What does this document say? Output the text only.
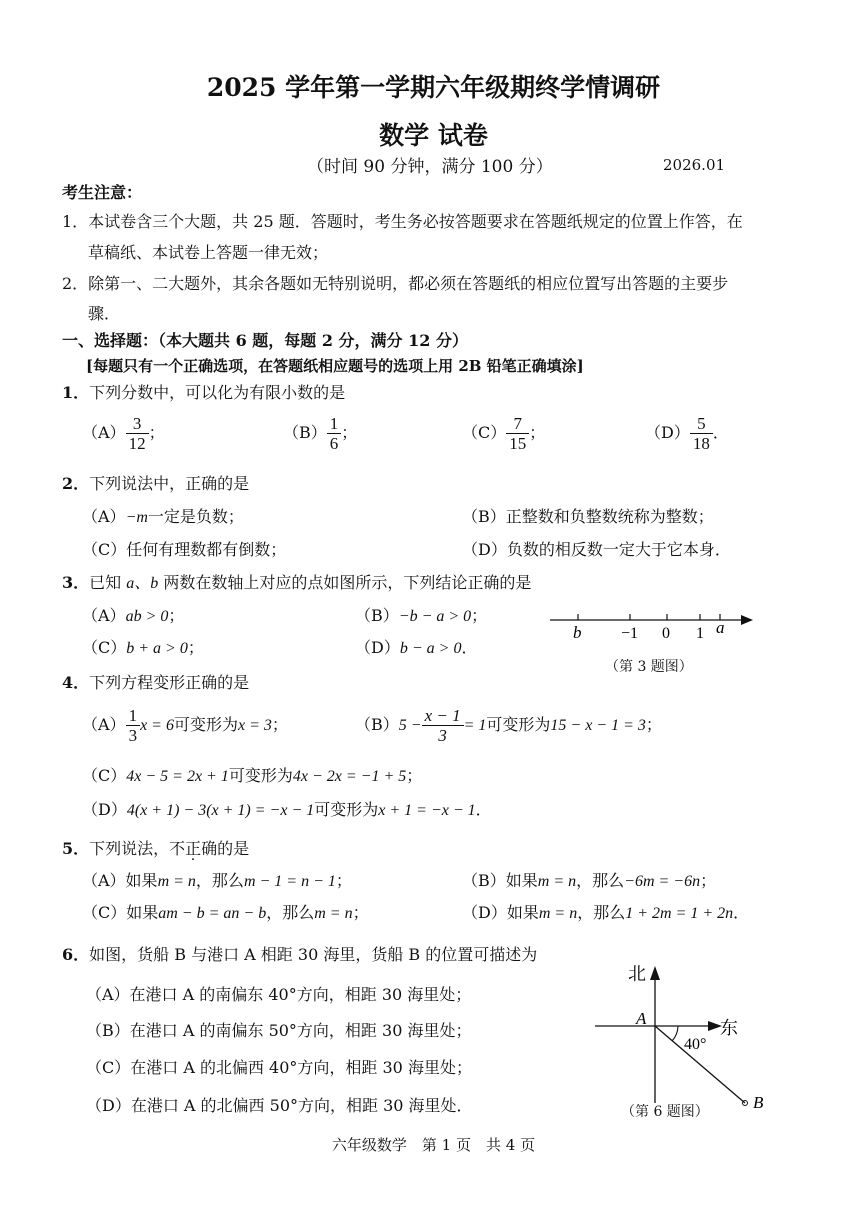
2025 学年第一学期六年级期终学情调研
数学 试卷
（时间 90 分钟，满分 100 分）	2026.01
考生注意：
1．本试卷含三个大题，共 25 题．答题时，考生务必按答题要求在答题纸规定的位置上作答，在
草稿纸、本试卷上答题一律无效；
2．除第一、二大题外，其余各题如无特别说明，都必须在答题纸的相应位置写出答题的主要步
骤．
一、选择题：（本大题共 6 题，每题 2 分，满分 12 分）
[每题只有一个正确选项，在答题纸相应题号的选项上用 2B 铅笔正确填涂]
1．下列分数中，可以化为有限小数的是
$(A) \frac{3}{12}$ ；	$(B) \frac{1}{6}$ ；	$(C) \frac{7}{15}$ ；	$(D) \frac{5}{18}$ ．
2．下列说法中，正确的是
（A）−m一定是负数；	（B）正整数和负整数统称为整数；
（C）任何有理数都有倒数；	（D）负数的相反数一定大于它本身．
3．已知 a、b 两数在数轴上对应的点如图所示，下列结论正确的是
（A）ab > 0；	（B）−b − a > 0；
（C）b + a > 0；	（D）b − a > 0．
b −1 0 1 a
（第 3 题图）
4．下列方程变形正确的是
$(A) \frac{1}{3}$ x = 6可变形为x = 3；	$(B)5 - \frac{x - 1}{3} = 1$可变形为15 − x − 1 = 3；
（C）4x − 5 = 2x + 1可变形为4x − 2x = −1 + 5；
（D）4(x + 1) − 3(x + 1) = −x − 1可变形为x + 1 = −x − 1．
5．下列说法，不正确的是
（A）如果m = n，那么m − 1 = n − 1；	（B）如果m = n，那么−6m = −6n；
（C）如果am − b = an − b，那么m = n；	（D）如果m = n，那么1 + 2m = 1 + 2n．
6．如图，货船 B 与港口 A 相距 30 海里，货船 B 的位置可描述为
（A）在港口 A 的南偏东 40°方向，相距 30 海里处；
（B）在港口 A 的南偏东 50°方向，相距 30 海里处；
（C）在港口 A 的北偏西 40°方向，相距 30 海里处；
（D）在港口 A 的北偏西 50°方向，相距 30 海里处．
北
东
A
40°
B
（第 6 题图）
六年级数学　第 1 页　共 4 页
